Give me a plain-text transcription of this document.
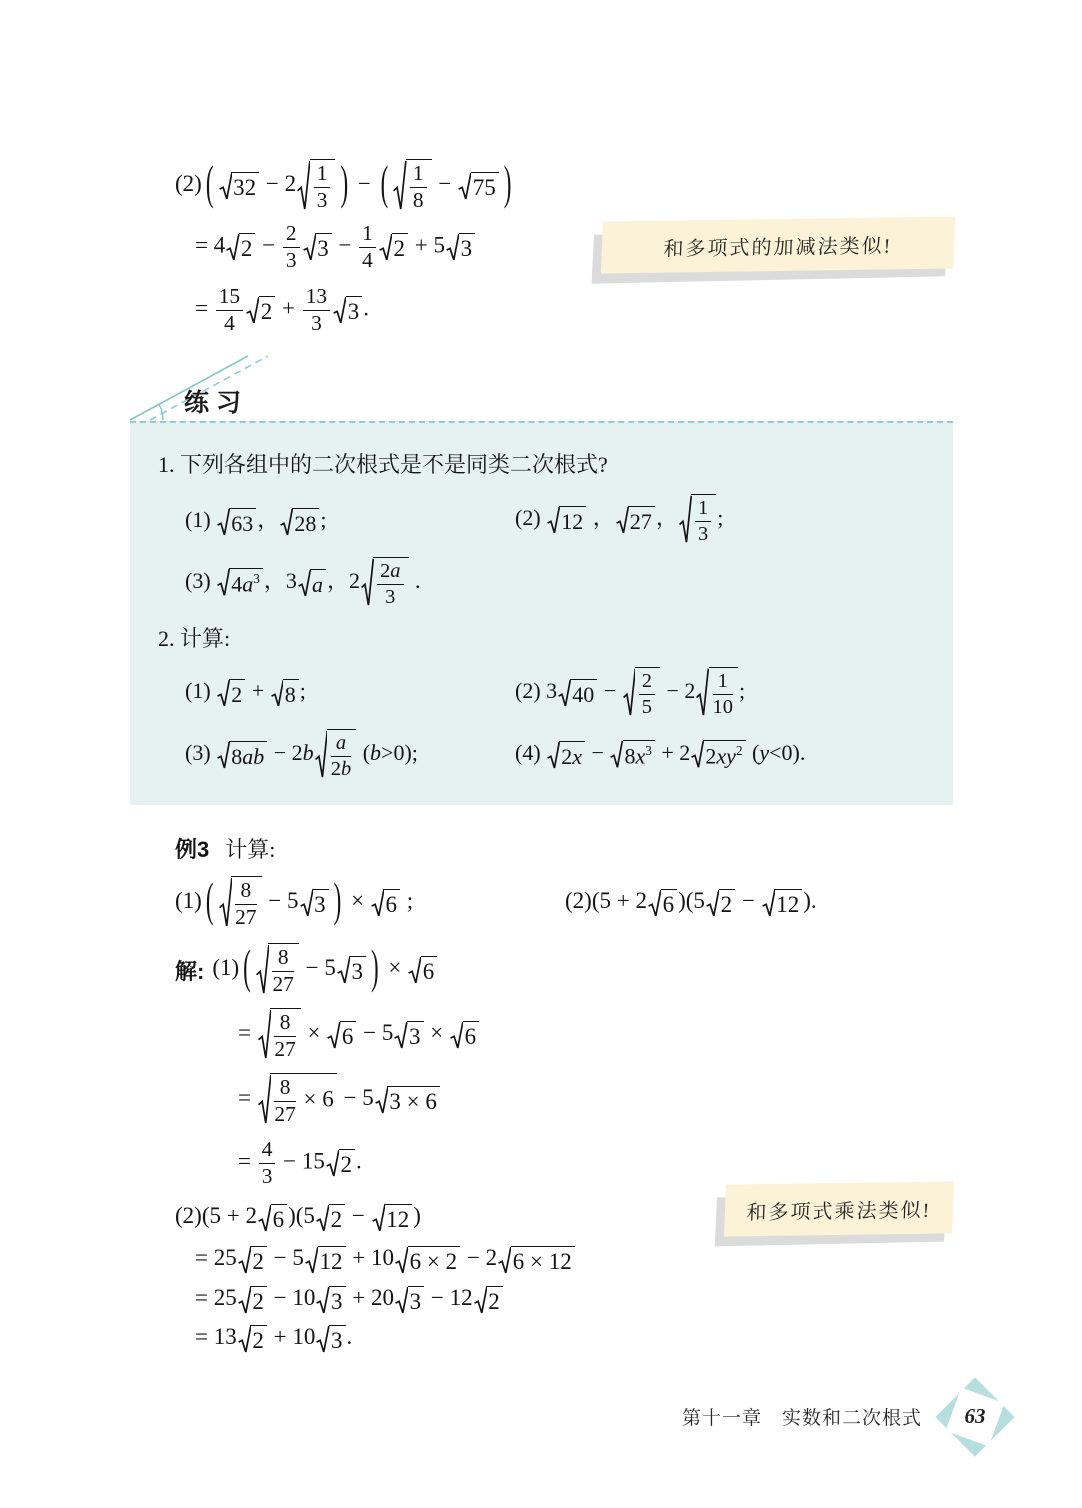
(2) ( $32 - 2 \frac{1}{3}$ ) − ( $\frac{1}{8} - 75$ )
= 4 $2 - \frac{2}{3} 3 - \frac{1}{4} 2 + 5$ 3
= $\frac{15}{4} 2 + \frac{13}{3} 3$ .
和多项式的加减法类似!
练 习
1. 下列各组中的二次根式是不是同类二次根式?
(1) 63 ， 28 ;	(2) 12 ， 27 ， $\frac{1}{3}$ ;
(3) $4a^3$ ，3 a ，$2 \frac{2a}{3}$ .
2. 计算:
(1) 2 + 8 ;	(2) 3 $40 - \frac{2}{5} - 2 \frac{1}{10}$ ;
(3) $8ab - 2b \frac{a}{2b} (b>0)$;	(4) $2x - 8x^3 + 2$ $2xy^2$ (y<0).
例3 计算:
(1) ( $\frac{8}{27} - 5$ 3 ) × 6 ;	(2)(5 + 2 6 )(5 2 − 12 ).
解: (1) ( $\frac{8}{27} - 5$ 3 ) × 6
= $\frac{8}{27} \times 6 - 5$ 3 × 6
= $\frac{8}{27} \times 6 - 5$ 3 × 6
= $\frac{4}{3} - 15$ 2 .
(2)(5 + 2 6 )(5 2 − 12 )
= 25 2 − 5 12 + 10 6 × 2 − 2 6 × 12
= 25 2 − 10 3 + 20 3 − 12 2
= 13 2 + 10 3 .
和多项式乘法类似!
第十一章　实数和二次根式	63
